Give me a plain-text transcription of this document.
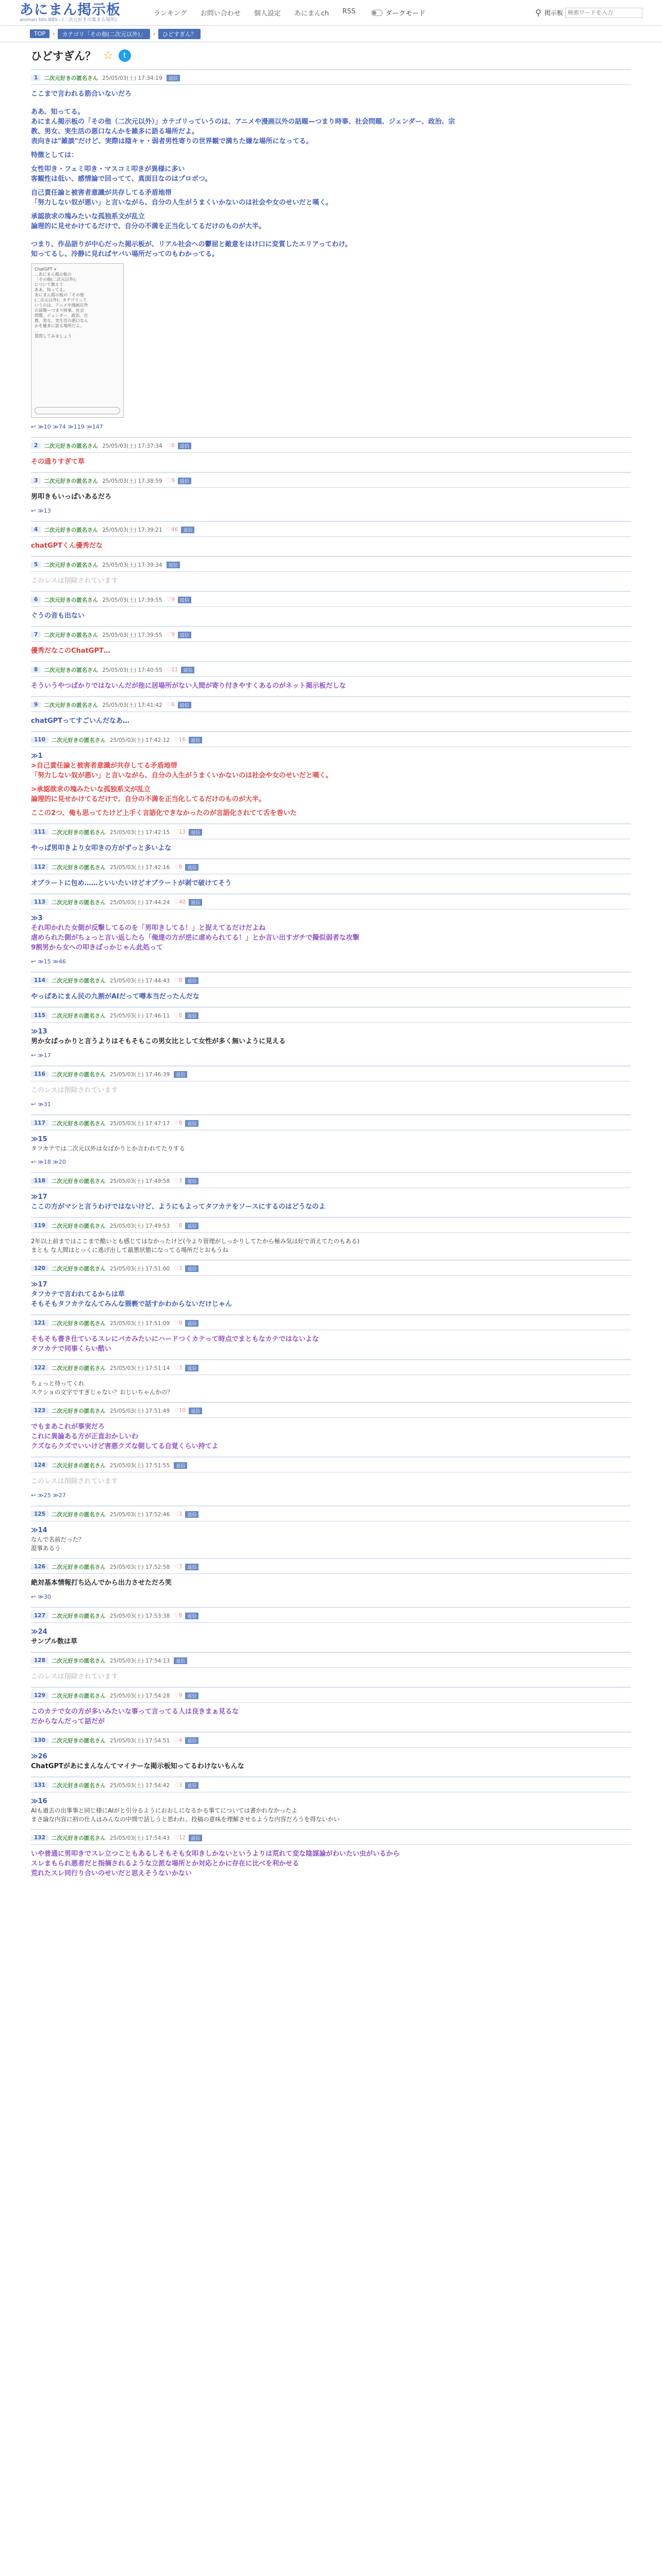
あにまん掲示板
animan bbs BBS - (二次元好きの集まる場所)
ランキング お問い合わせ 個人設定 あにまんch RSS	ダークモード	⚲ 掲示板
検索ワードを入力
TOP	›	カテゴリ「その他(二次元以外)」	›	ひどすぎん？
ひどすぎん？ ☆	t
1	二次元好きの匿名さん 25/05/03(土) 17:34:19	返信
ここまで言われる筋合いないだろ
ああ、知ってる。
あにまん掲示板の「その他（二次元以外）」カテゴリっていうのは、アニメや漫画以外の話題—つまり時事、社会問題、ジェンダー、政治、宗
教、男女、実生活の悪口なんかを雑多に語る場所だよ。
表向きは"雑談"だけど、実際は陰キャ・弱者男性寄りの世界観で満ちた嫌な場所になってる。
特徴としては：
女性叩き・フェミ叩き・マスコミ叩きが異様に多い
客観性は低い、感情論で回ってて、真面目なのはプロボつ。
自己責任論と被害者意識が共存してる矛盾地帯
「努力しない奴が悪い」と言いながら、自分の人生がうまくいかないのは社会や女のせいだと嘆く。
承認欲求の塊みたいな孤独系文が乱立
論理的に見せかけてるだけで、自分の不満を正当化してるだけのものが大半。
つまり、作品語りが中心だった掲示板が、リアル社会への鬱屈と敵意をはけ口に変質したエリアってわけ。
知ってるし、冷静に見ればヤバい場所だってのもわかってる。
ChatGPT ∨
...あにまん掲示板の
「その他(二次元以外)」
について教えて
ああ、知ってる。
あにまん掲示板の「その他
(二次元以外)」カテゴリって
いうのは、アニメや漫画以外
の話題—つまり時事、社会
問題、ジェンダー、政治、宗
教、男女、実生活の悪口なん
かを雑多に語る場所だよ。
...
質問してみましょう
↩ ≫10 ≫74 ≫119 ≫147
2	二次元好きの匿名さん 25/05/03(土) 17:37:34 ♡6	返信
その通りすぎて草
3	二次元好きの匿名さん 25/05/03(土) 17:38:59 ♡9	返信
男叩きもいっぱいあるだろ
↩ ≫13
4	二次元好きの匿名さん 25/05/03(土) 17:39:21 ♡46	返信
chatGPTくん優秀だな
5	二次元好きの匿名さん 25/05/03(土) 17:39:34	返信
このレスは削除されています
6	二次元好きの匿名さん 25/05/03(土) 17:39:55 ♡9	返信
ぐうの音も出ない
7	二次元好きの匿名さん 25/05/03(土) 17:39:55 ♡9	返信
優秀だなこのChatGPT…
8	二次元好きの匿名さん 25/05/03(土) 17:40:55 ♡11	返信
そういうやつばかりではないんだが他に居場所がない人間が寄り付きやすくあるのがネット掲示板だしな
9	二次元好きの匿名さん 25/05/03(土) 17:41:42 ♡6	返信
chatGPTってすごいんだなあ…
110	二次元好きの匿名さん 25/05/03(土) 17:42:12 ♡16	返信
≫1
>自己責任論と被害者意識が共存してる矛盾地帯
「努力しない奴が悪い」と言いながら、自分の人生がうまくいかないのは社会や女のせいだと嘆く。
>承認欲求の塊みたいな孤独系文が乱立
論理的に見せかけてるだけで、自分の不満を正当化してるだけのものが大半。
ここの2つ、俺も思ってたけど上手く言語化できなかったのが言語化されてて舌を巻いた
111	二次元好きの匿名さん 25/05/03(土) 17:42:15 ♡13	返信
やっぱ男叩きより女叩きの方がずっと多いよな
112	二次元好きの匿名さん 25/05/03(土) 17:42:16 ♡8	返信
オブラートに包め……といいたいけどオブラートが剥で破けてそう
113	二次元好きの匿名さん 25/05/03(土) 17:44:24 ♡40	返信
≫3
それ叩かれた女側が反撃してるのを「男叩きしてる！」と捉えてるだけだよね
虐められた側がちょっと言い返したら「俺達の方が逆に虐められてる！」とか言い出すガチで擬似弱者な攻撃
9割男から女への叩きばっかじゃん此処って
↩ ≫15 ≫46
114	二次元好きの匿名さん 25/05/03(土) 17:44:43 ♡8	返信
やっぱあにまん民の九割がAIだって噂本当だったんだな
115	二次元好きの匿名さん 25/05/03(土) 17:46:11 ♡8	返信
≫13
男か女ばっかりと言うよりはそもそもこの男女比として女性が多く無いように見える
↩ ≫17
116	二次元好きの匿名さん 25/05/03(土) 17:46:39	返信
このレスは削除されています
↩ ≫31
117	二次元好きの匿名さん 25/05/03(土) 17:47:17 ♡8	返信
≫15
タフカテでは二次元以外は女ばかりとか言われてたりする
↩ ≫18 ≫20
118	二次元好きの匿名さん 25/05/03(土) 17:49:58 ♡3	返信
≫17
ここの方がマシと言うわけではないけど、ようにもよってタフカテをソースにするのはどうなのよ
119	二次元好きの匿名さん 25/05/03(土) 17:49:53 ♡8	返信
2年以上前まではここまで酷いとも感じてはなかったけど(今より管理がしっかりしてたから極み気は好で消えてたのもある)
まとも な人間はとっくに逃げ出して最悪状態になってる場所だとおもうね
120	二次元好きの匿名さん 25/05/03(土) 17:51:00 ♡3	返信
≫17
タフカテで言われてるからは草
そもそもタフカテなんてみんな猥褻で話すかわからないだけじゃん
121	二次元好きの匿名さん 25/05/03(土) 17:51:09 ♡9	返信
そもそも書き仕ているスレにバカみたいにハードつくカテって時点でまともなカテではないよな
タフカテで同事くらい酷い
122	二次元好きの匿名さん 25/05/03(土) 17:51:14 ♡3	返信
ちょっと待ってくれ
スクショの文字ですぎじゃない？おじいちゃんかの？
123	二次元好きの匿名さん 25/05/03(土) 17:51:49 ♡10	返信
でもまあこれが事実だろ
これに異論ある方が正直おかしいわ
クズならクズでいいけど害悪クズな側してる自覚くらい持てよ
124	二次元好きの匿名さん 25/05/03(土) 17:51:55	返信
このレスは削除されています
↩ ≫25 ≫27
125	二次元好きの匿名さん 25/05/03(土) 17:52:46 ♡3	返信
≫14
なんで名前だった？
混事あるう
126	二次元好きの匿名さん 25/05/03(土) 17:52:58 ♡3	返信
絶対基本情報打ち込んでから出力させただろ笑
↩ ≫30
127	二次元好きの匿名さん 25/05/03(土) 17:53:38 ♡8	返信
≫24
サンプル数は草
128	二次元好きの匿名さん 25/05/03(土) 17:54:13	返信
このレスは削除されています
129	二次元好きの匿名さん 25/05/03(土) 17:54:28 ♡9	返信
このカテで女の方が多いみたいな事って言ってる人は良きまぁ見るな
だからなんだって話だが
130	二次元好きの匿名さん 25/05/03(土) 17:54:51 ♡4	返信
≫26
ChatGPTがあにまんなんてマイナーな掲示板知ってるわけないもんな
131	二次元好きの匿名さん 25/05/03(土) 17:54:42 ♡3	返信
≫16
AIも過去の出事事と同じ様にAIがと引分るようにおおしになるかる事てについては書かれなかったよ
まさ論な内容に初の仕人はみんなの中間で話しうと思われ、投稿の意味を理解させるような内容だろうを得ないかい
132	二次元好きの匿名さん 25/05/03(土) 17:54:43 ♡12	返信
いや普通に男叩きでスレ立つこともあるしそもそも女叩きしかないというよりは荒れて変な陰謀論がわいたい虫がいるから
スレまもられ悪者だと指摘されるような立派な場所とか対応とかに存在に比べを利かせる
荒れたスレ同行り合いのせいだと思えそうないかない
